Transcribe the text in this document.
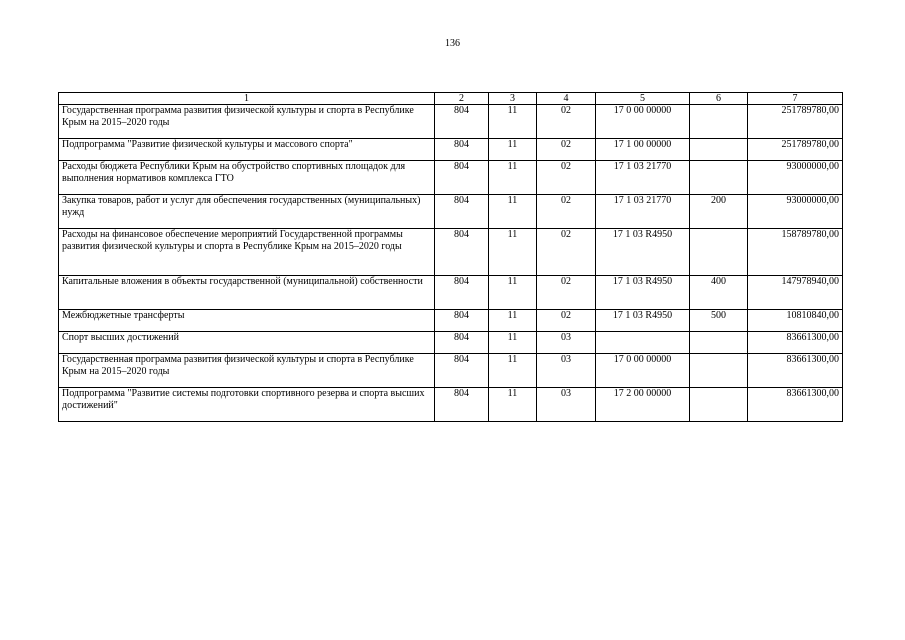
136
1	2	3	4	5	6	7
Государственная программа развития физической культуры и спорта в Республике Крым на 2015–2020 годы	804	11	02	17 0 00 00000		251789780,00
Подпрограмма "Развитие физической культуры и массового спорта"	804	11	02	17 1 00 00000		251789780,00
Расходы бюджета Республики Крым на обустройство спортивных площадок для выполнения нормативов комплекса ГТО	804	11	02	17 1 03 21770		93000000,00
Закупка товаров, работ и услуг для обеспечения государственных (муниципальных) нужд	804	11	02	17 1 03 21770	200	93000000,00
Расходы на финансовое обеспечение мероприятий Государственной программы развития физической культуры и спорта в Республике Крым на 2015–2020 годы	804	11	02	17 1 03 R4950		158789780,00
Капитальные вложения в объекты государственной (муниципальной) собственности	804	11	02	17 1 03 R4950	400	147978940,00
Межбюджетные трансферты	804	11	02	17 1 03 R4950	500	10810840,00
Спорт высших достижений	804	11	03			83661300,00
Государственная программа развития физической культуры и спорта в Республике Крым на 2015–2020 годы	804	11	03	17 0 00 00000		83661300,00
Подпрограмма "Развитие системы подготовки спортивного резерва и спорта высших достижений"	804	11	03	17 2 00 00000		83661300,00
